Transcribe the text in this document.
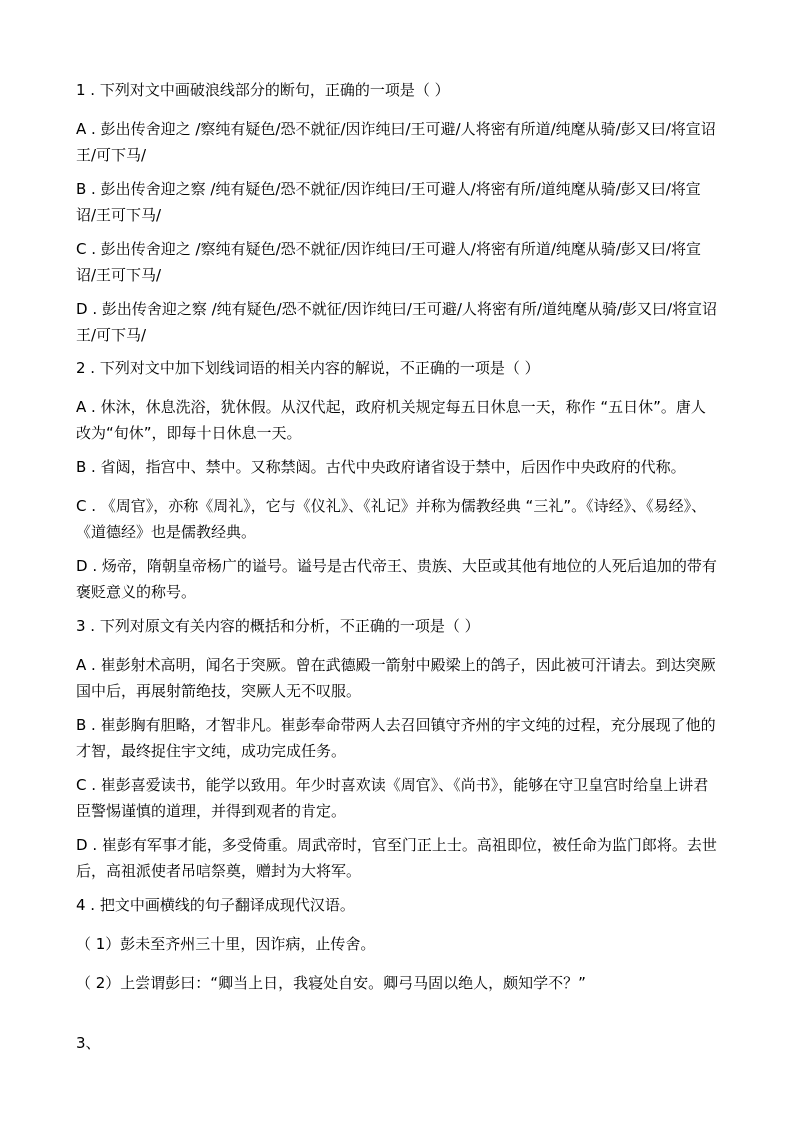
1 . 下列对文中画破浪线部分的断句，正确的一项是（ ）

A . 彭出传舍迎之 /察纯有疑色/恐不就征/因诈纯曰/王可避/人将密有所道/纯麾从骑/彭又曰/将宣诏王/可下马/

B . 彭出传舍迎之察 /纯有疑色/恐不就征/因诈纯曰/王可避人/将密有所/道纯麾从骑/彭又曰/将宣诏/王可下马/

C . 彭出传舍迎之 /察纯有疑色/恐不就征/因诈纯曰/王可避人/将密有所道/纯麾从骑/彭又曰/将宣诏/王可下马/

D . 彭出传舍迎之察 /纯有疑色/恐不就征/因诈纯曰/王可避/人将密有所/道纯麾从骑/彭又曰/将宣诏王/可下马/

2 . 下列对文中加下划线词语的相关内容的解说，不正确的一项是（ ）

A . 休沐，休息洗浴，犹休假。从汉代起，政府机关规定每五日休息一天，称作 “五日休”。唐人改为“旬休”，即每十日休息一天。

B . 省闼，指宫中、禁中。又称禁闼。古代中央政府诸省设于禁中，后因作中央政府的代称。

C . 《周官》，亦称《周礼》，它与《仪礼》、《礼记》并称为儒教经典 “三礼”。《诗经》、《易经》、《道德经》也是儒教经典。

D . 炀帝，隋朝皇帝杨广的谥号。谥号是古代帝王、贵族、大臣或其他有地位的人死后追加的带有褒贬意义的称号。

3 . 下列对原文有关内容的概括和分析，不正确的一项是（ ）

A . 崔彭射术高明，闻名于突厥。曾在武德殿一箭射中殿梁上的鸽子，因此被可汗请去。到达突厥国中后，再展射箭绝技，突厥人无不叹服。

B . 崔彭胸有胆略，才智非凡。崔彭奉命带两人去召回镇守齐州的宇文纯的过程，充分展现了他的才智，最终捉住宇文纯，成功完成任务。

C . 崔彭喜爱读书，能学以致用。年少时喜欢读《周官》、《尚书》，能够在守卫皇宫时给皇上讲君臣警惕谨慎的道理，并得到观者的肯定。

D . 崔彭有军事才能，多受倚重。周武帝时，官至门正上士。高祖即位，被任命为监门郎将。去世后，高祖派使者吊唁祭奠，赠封为大将军。

4 . 把文中画横线的句子翻译成现代汉语。

（ 1）彭未至齐州三十里，因诈病，止传舍。

（ 2）上尝谓彭曰：“卿当上日，我寝处自安。卿弓马固以绝人，颇知学不？”

3、
